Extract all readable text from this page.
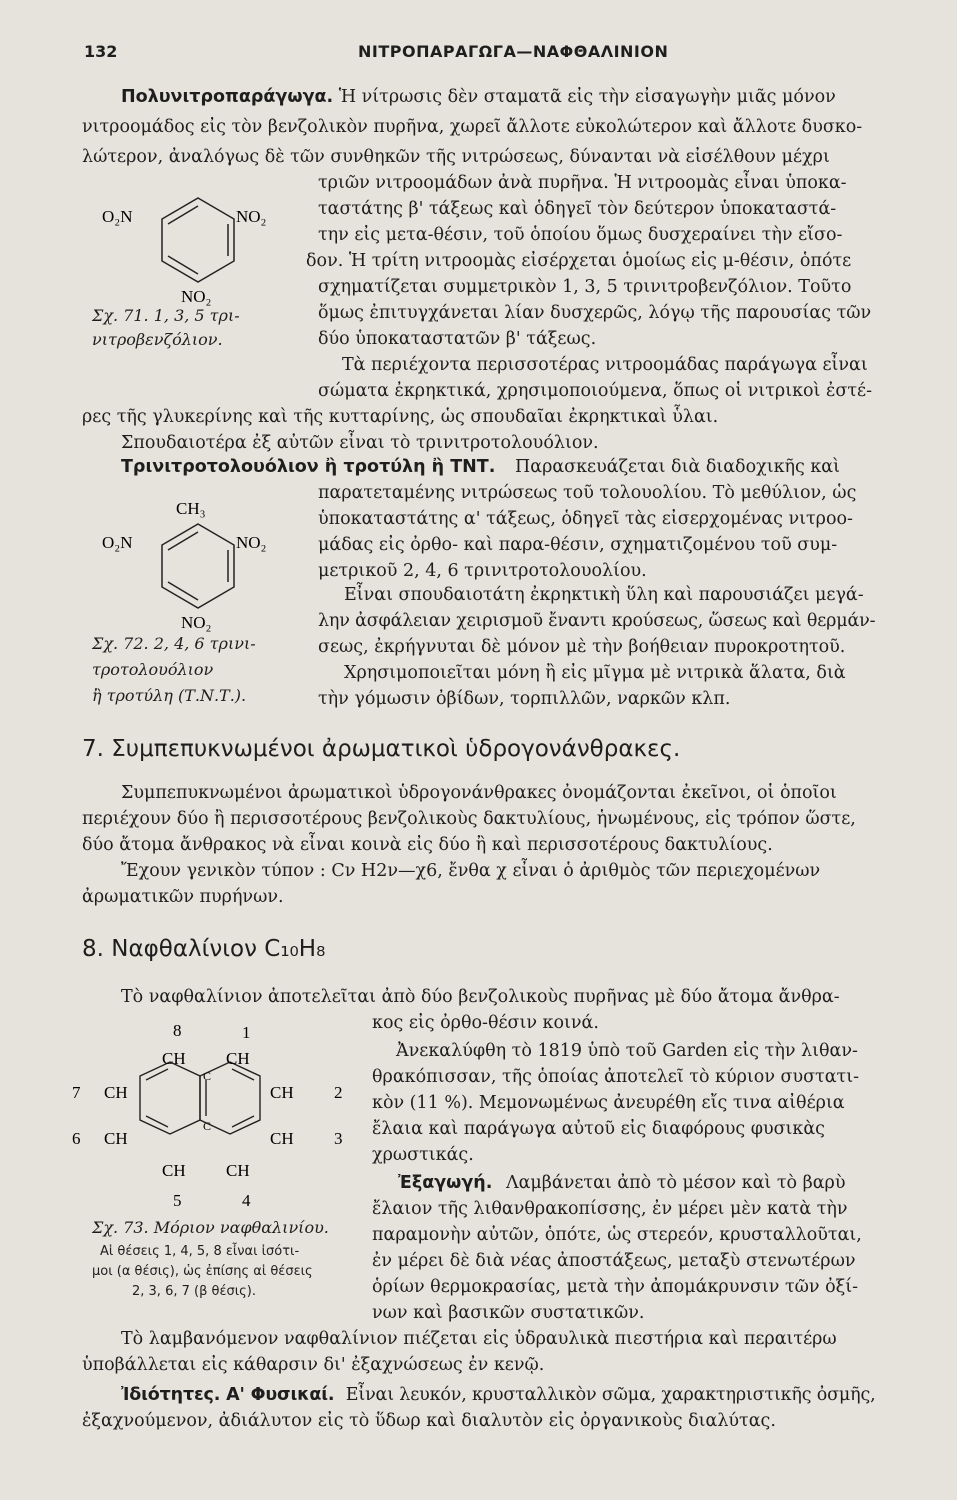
132	ΝΙΤΡΟΠΑΡΑΓΩΓΑ—ΝΑΦΘΑΛΙΝΙΟΝ
Πολυνιτροπαράγωγα. Ἡ νίτρωσις δὲν σταματᾶ εἰς τὴν εἰσαγωγὴν μιᾶς μόνον
νιτροομάδος εἰς τὸν βενζολικὸν πυρῆνα, χωρεῖ ἄλλοτε εὐκολώτερον καὶ ἄλλοτε δυσκο-
λώτερον, ἀναλόγως δὲ τῶν συνθηκῶν τῆς νιτρώσεως, δύνανται νὰ εἰσέλθουν μέχρι
τριῶν νιτροομάδων ἀνὰ πυρῆνα. Ἡ νιτροομὰς εἶναι ὑποκα-
ταστάτης β' τάξεως καὶ ὁδηγεῖ τὸν δεύτερον ὑποκαταστά-
την εἰς μετα-θέσιν, τοῦ ὁποίου ὅμως δυσχεραίνει τὴν εἴσο-
δον. Ἡ τρίτη νιτροομὰς εἰσέρχεται ὁμοίως εἰς μ-θέσιν, ὁπότε
σχηματίζεται συμμετρικὸν 1, 3, 5 τρινιτροβενζόλιον. Τοῦτο
ὅμως ἐπιτυγχάνεται λίαν δυσχερῶς, λόγῳ τῆς παρουσίας τῶν
δύο ὑποκαταστατῶν β' τάξεως.
Τὰ περιέχοντα περισσοτέρας νιτροομάδας παράγωγα εἶναι
σώματα ἐκρηκτικά, χρησιμοποιούμενα, ὅπως οἱ νιτρικοὶ ἐστέ-
ρες τῆς γλυκερίνης καὶ τῆς κυτταρίνης, ὡς σπουδαῖαι ἐκρηκτικαὶ ὗλαι.
Σπουδαιοτέρα ἐξ αὐτῶν εἶναι τὸ τρινιτροτολουόλιον.
O₂N	NO₂
NO₂
Σχ. 71. 1, 3, 5 τρι-
νιτροβενζόλιον.
Τρινιτροτολουόλιον ἢ τροτύλη ἢ ΤΝΤ. Παρασκευάζεται διὰ διαδοχικῆς καὶ
παρατεταμένης νιτρώσεως τοῦ τολουολίου. Τὸ μεθύλιον, ὡς
ὑποκαταστάτης α' τάξεως, ὁδηγεῖ τὰς εἰσερχομένας νιτροο-
μάδας εἰς ὀρθο- καὶ παρα-θέσιν, σχηματιζομένου τοῦ συμ-
μετρικοῦ 2, 4, 6 τρινιτροτολουολίου.
Εἶναι σπουδαιοτάτη ἐκρηκτικὴ ὕλη καὶ παρουσιάζει μεγά-
λην ἀσφάλειαν χειρισμοῦ ἔναντι κρούσεως, ὥσεως καὶ θερμάν-
σεως, ἐκρήγνυται δὲ μόνον μὲ τὴν βοήθειαν πυροκροτητοῦ.
Χρησιμοποιεῖται μόνη ἢ εἰς μῖγμα μὲ νιτρικὰ ἅλατα, διὰ
τὴν γόμωσιν ὀβίδων, τορπιλλῶν, ναρκῶν κλπ.
CH₃
O₂N	NO₂
NO₂
Σχ. 72. 2, 4, 6 τρινι-
τροτολουόλιον
ἢ τροτύλη (Τ.Ν.Τ.).
7. Συμπεπυκνωμένοι ἀρωματικοὶ ὑδρογονάνθρακες.
Συμπεπυκνωμένοι ἀρωματικοὶ ὑδρογονάνθρακες ὀνομάζονται ἐκεῖνοι, οἱ ὁποῖοι
περιέχουν δύο ἢ περισσοτέρους βενζολικοὺς δακτυλίους, ἡνωμένους, εἰς τρόπον ὥστε,
δύο ἄτομα ἄνθρακος νὰ εἶναι κοινὰ εἰς δύο ἢ καὶ περισσοτέρους δακτυλίους.
Ἔχουν γενικὸν τύπον : Cν H2ν—χ6, ἔνθα χ εἶναι ὁ ἀριθμὸς τῶν περιεχομένων
ἀρωματικῶν πυρήνων.
8. Ναφθαλίνιον C₁₀H₈
Τὸ ναφθαλίνιον ἀποτελεῖται ἀπὸ δύο βενζολικοὺς πυρῆνας μὲ δύο ἄτομα ἄνθρα-
κος εἰς ὀρθο-θέσιν κοινά.
Ἀνεκαλύφθη τὸ 1819 ὑπὸ τοῦ Garden εἰς τὴν λιθαν-
θρακόπισσαν, τῆς ὁποίας ἀποτελεῖ τὸ κύριον συστατι-
κὸν (11 %). Μεμονωμένως ἀνευρέθη εἴς τινα αἰθέρια
ἔλαια καὶ παράγωγα αὐτοῦ εἰς διαφόρους φυσικὰς
χρωστικάς.
Ἐξαγωγή. Λαμβάνεται ἀπὸ τὸ μέσον καὶ τὸ βαρὺ
ἔλαιον τῆς λιθανθρακοπίσσης, ἐν μέρει μὲν κατὰ τὴν
παραμονὴν αὐτῶν, ὁπότε, ὡς στερεόν, κρυσταλλοῦται,
ἐν μέρει δὲ διὰ νέας ἀποστάξεως, μεταξὺ στενωτέρων
ὁρίων θερμοκρασίας, μετὰ τὴν ἀπομάκρυνσιν τῶν ὀξί-
νων καὶ βασικῶν συστατικῶν.
Τὸ λαμβανόμενον ναφθαλίνιον πιέζεται εἰς ὑδραυλικὰ πιεστήρια καὶ περαιτέρω
ὑποβάλλεται εἰς κάθαρσιν δι' ἐξαχνώσεως ἐν κενῷ.
Ἰδιότητες. Α' Φυσικαί. Εἶναι λευκόν, κρυσταλλικὸν σῶμα, χαρακτηριστικῆς ὀσμῆς,
ἐξαχνούμενον, ἀδιάλυτον εἰς τὸ ὕδωρ καὶ διαλυτὸν εἰς ὀργανικοὺς διαλύτας.
8	1
CH CH
7 CH	CH 2
6 CH	CH 3
CH CH
5	4
C
C
Σχ. 73. Μόριον ναφθαλινίου.
Αἱ θέσεις 1, 4, 5, 8 εἶναι ἰσότι-
μοι (α θέσις), ὡς ἐπίσης αἱ θέσεις
2, 3, 6, 7 (β θέσις).
